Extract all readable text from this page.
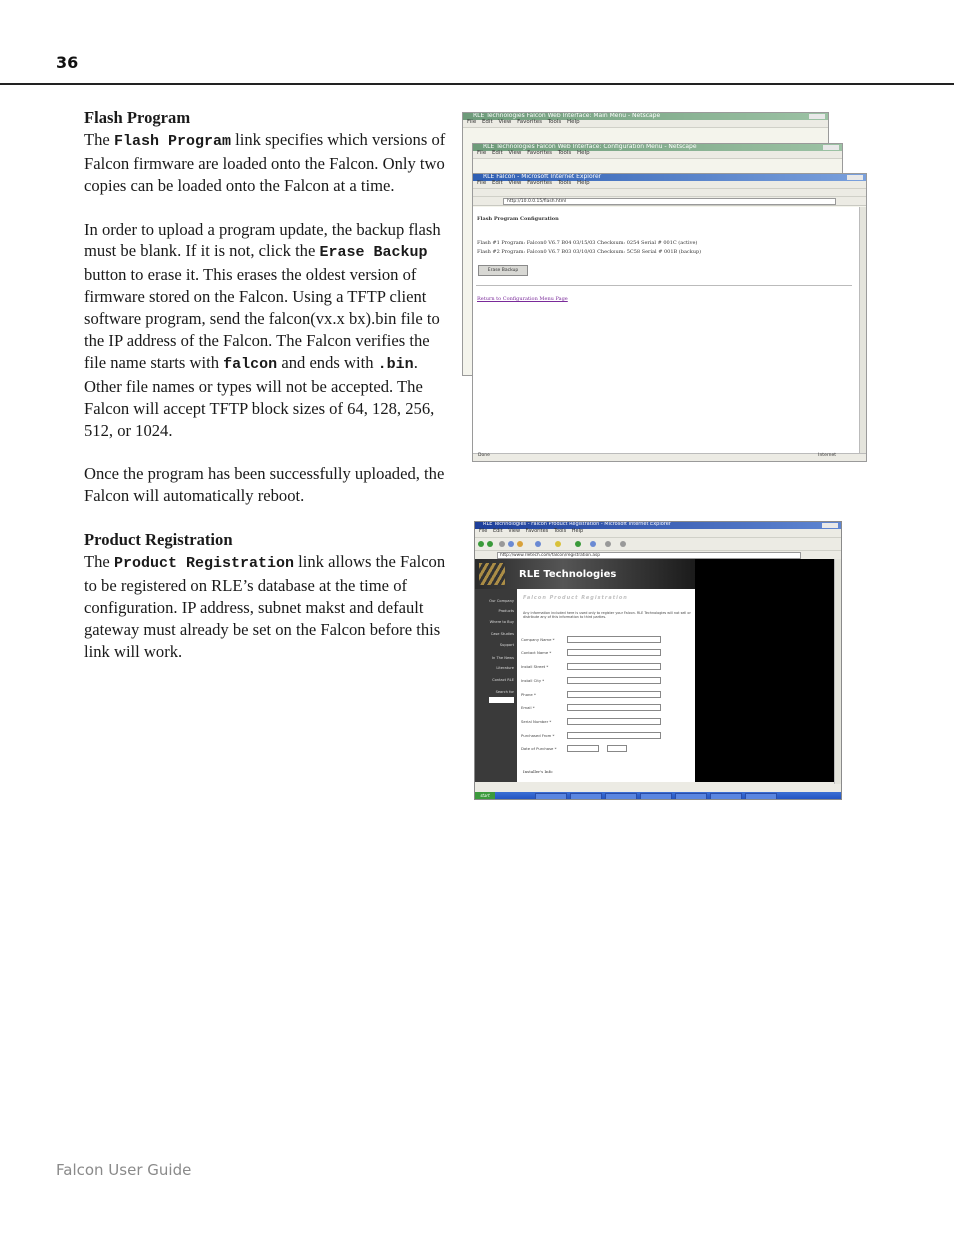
36
Flash Program

The Flash Program link specifies which versions of Falcon firmware are loaded onto the Falcon. Only two copies can be loaded onto the Falcon at a time.

In order to upload a program update, the backup flash must be blank. If it is not, click the Erase Backup button to erase it. This erases the oldest version of firmware stored on the Falcon. Using a TFTP client software program, send the falcon(vx.x bx).bin file to the IP address of the Falcon. The Falcon verifies the file name starts with falcon and ends with .bin. Other file names or types will not be accepted. The Falcon will accept TFTP block sizes of 64, 128, 256, 512, or 1024.

Once the program has been successfully uploaded, the Falcon will automatically reboot.

Product Registration

The Product Registration link allows the Falcon to be registered on RLE’s database at the time of configuration. IP address, subnet makst and default gateway must already be set on the Falcon before this link will work.

RLE Technologies Falcon Web Interface: Main Menu - Netscape
File Edit View Favorites Tools Help
RLE Technologies Falcon Web Interface: Configuration Menu - Netscape
File Edit View Favorites Tools Help
RLE Falcon - Microsoft Internet Explorer
File Edit View Favorites Tools Help
http://10.0.0.15/flash.html
Flash Program Configuration
Flash #1 Program: Falcon0 V6.7 B04 03/15/03 Checksum: 0254 Serial # 001C (active)
Flash #2 Program: Falcon0 V6.7 B03 03/10/03 Checksum: 5C58 Serial # 001B (backup)
Erase Backup
Return to Configuration Menu Page
Done	Internet
RLE Technologies - Falcon Product Registration - Microsoft Internet Explorer
File Edit View Favorites Tools Help
http://www.rletech.com/falcon/registration.asp
RLE Technologies
Our Company
Products
Where to Buy
Case Studies
Support
In The News
Literature
Contact RLE
Search for
Falcon Product Registration
Any information included here is used only to register your Falcon. RLE Technologies will not sell or distribute any of this information to third parties.
Company Name *
Contact Name *
Install Street *
Install City *
Phone *
Email *
Serial Number *
Purchased From *
Date of Purchase *
Installer's Info
start
Falcon User Guide
